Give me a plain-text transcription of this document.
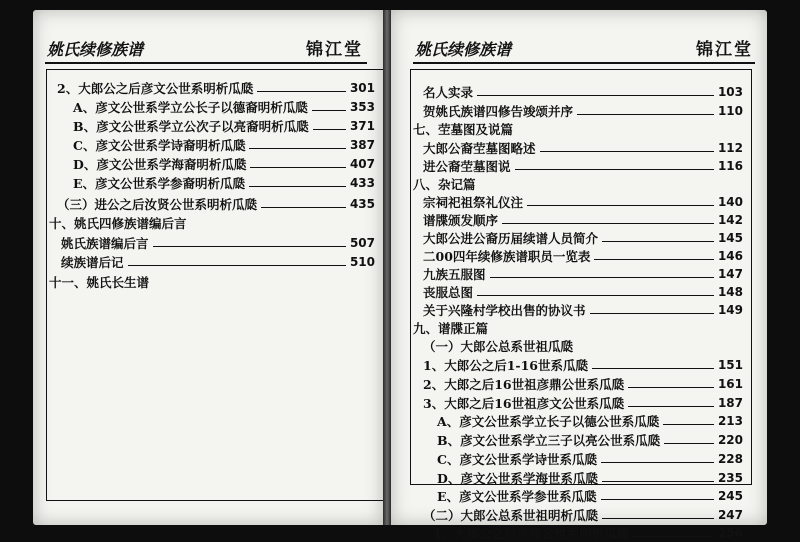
姚氏续修族谱	锦江堂
2、大郎公之后彦文公世系明析瓜瓞	301
A、彦文公世系学立公长子以德裔明析瓜瓞	353
B、彦文公世系学立公次子以亮裔明析瓜瓞	371
C、彦文公世系学诗裔明析瓜瓞	387
D、彦文公世系学海裔明析瓜瓞	407
E、彦文公世系学参裔明析瓜瓞	433
（三）进公之后汝贤公世系明析瓜瓞	435
十、姚氏四修族谱编后言
姚氏族谱编后言	507
续族谱后记	510
十一、姚氏长生谱
姚氏续修族谱	锦江堂
名人实录	103
贺姚氏族谱四修告竣颂并序	110
七、茔墓图及说篇
大郎公裔茔墓图略述	112
进公裔茔墓图说	116
八、杂记篇
宗祠祀祖祭礼仪注	140
谱牒颁发顺序	142
大郎公进公裔历届续谱人员简介	145
二00四年续修族谱职员一览表	146
九族五服图	147
丧服总图	148
关于兴隆村学校出售的协议书	149
九、谱牒正篇
（一）大郎公总系世祖瓜瓞
1、大郎公之后1-16世系瓜瓞	151
2、大郎之后16世祖彦鼎公世系瓜瓞	161
3、大郎之后16世祖彦文公世系瓜瓞	187
A、彦文公世系学立长子以德公世系瓜瓞	213
B、彦文公世系学立三子以亮公世系瓜瓞	220
C、彦文公世系学诗世系瓜瓞	228
D、彦文公世系学海世系瓜瓞	235
E、彦文公世系学参世系瓜瓞	245
（二）大郎公总系世祖明析瓜瓞	247
1、大郎公之后彦鼎公世系明析瓜瓞	256
